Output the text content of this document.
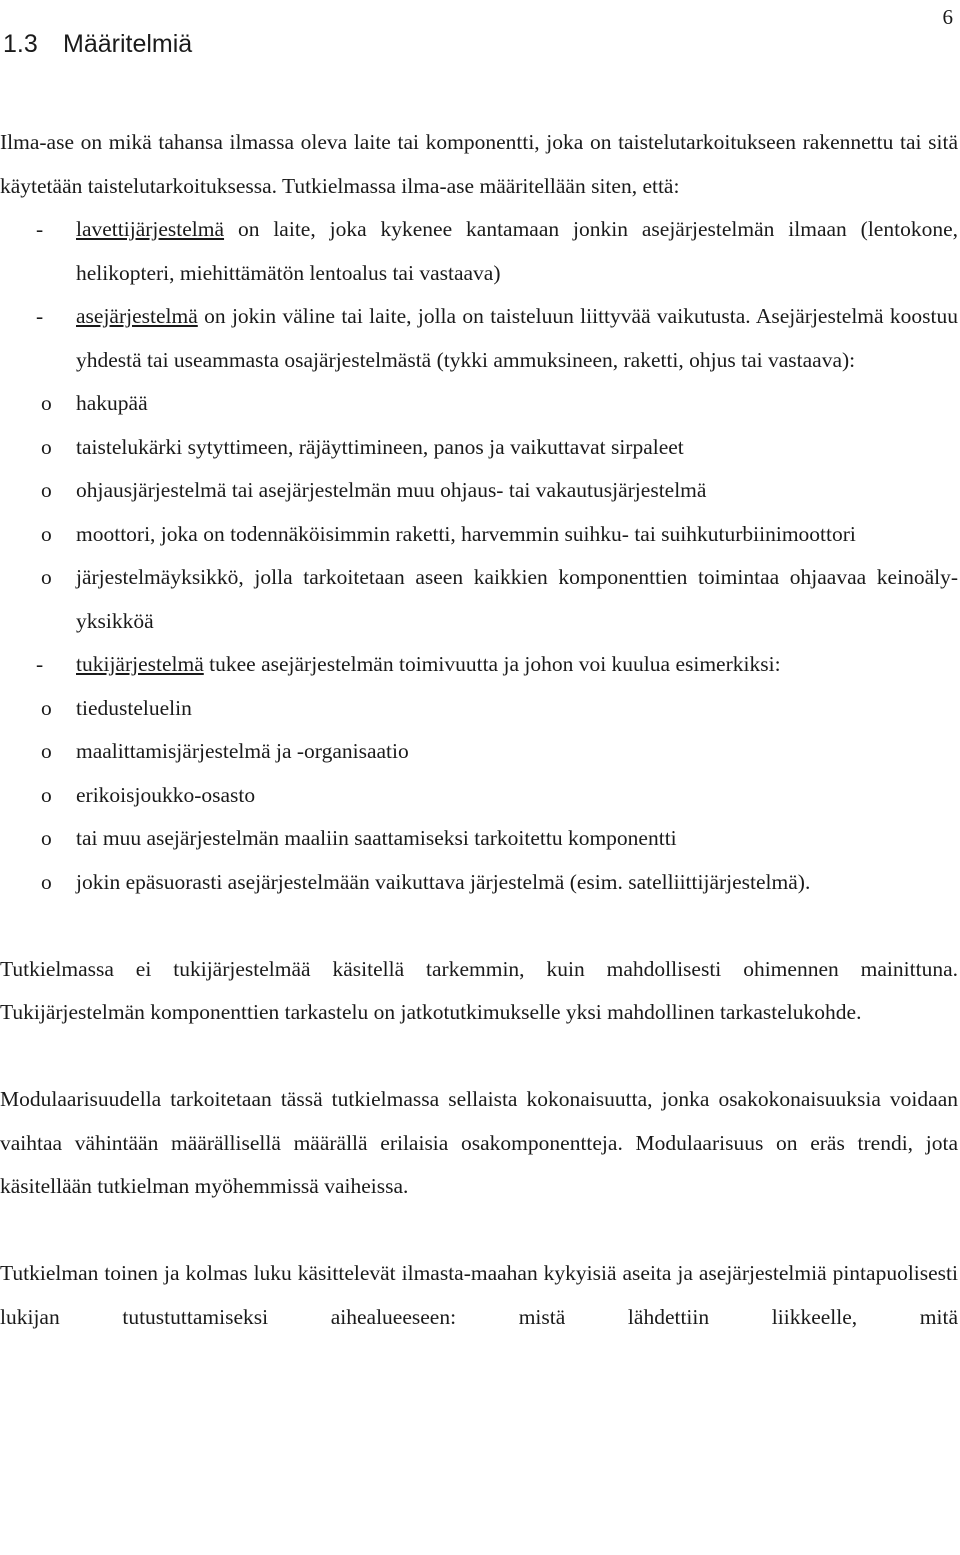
6
1.3 Määritelmiä

Ilma-ase on mikä tahansa ilmassa oleva laite tai komponentti, joka on taistelutarkoitukseen rakennettu tai sitä käytetään taistelutarkoituksessa. Tutkielmassa ilma-ase määritellään siten, että:

- lavettijärjestelmä on laite, joka kykenee kantamaan jonkin asejärjestelmän ilmaan (lentokone, helikopteri, miehittämätön lentoalus tai vastaava)
- asejärjestelmä on jokin väline tai laite, jolla on taisteluun liittyvää vaikutusta. Asejärjestelmä koostuu yhdestä tai useammasta osajärjestelmästä (tykki ammuksineen, raketti, ohjus tai vastaava):
o hakupää
o taistelukärki sytyttimeen, räjäyttimineen, panos ja vaikuttavat sirpaleet
o ohjausjärjestelmä tai asejärjestelmän muu ohjaus- tai vakautusjärjestelmä
o moottori, joka on todennäköisimmin raketti, harvemmin suihku- tai suihkuturbiinimoottori
o järjestelmäyksikkö, jolla tarkoitetaan aseen kaikkien komponenttien toimintaa ohjaavaa keinoäly-yksikköä
- tukijärjestelmä tukee asejärjestelmän toimivuutta ja johon voi kuulua esimerkiksi:
o tiedusteluelin
o maalittamisjärjestelmä ja -organisaatio
o erikoisjoukko-osasto
o tai muu asejärjestelmän maaliin saattamiseksi tarkoitettu komponentti
o jokin epäsuorasti asejärjestelmään vaikuttava järjestelmä (esim. satelliittijärjestelmä).

Tutkielmassa ei tukijärjestelmää käsitellä tarkemmin, kuin mahdollisesti ohimennen mainittuna. Tukijärjestelmän komponenttien tarkastelu on jatkotutkimukselle yksi mahdollinen tarkastelukohde.

Modulaarisuudella tarkoitetaan tässä tutkielmassa sellaista kokonaisuutta, jonka osakokonaisuuksia voidaan vaihtaa vähintään määrällisellä määrällä erilaisia osakomponentteja. Modulaarisuus on eräs trendi, jota käsitellään tutkielman myöhemmissä vaiheissa.

Tutkielman toinen ja kolmas luku käsittelevät ilmasta-maahan kykyisiä aseita ja asejärjestelmiä pintapuolisesti lukijan tutustuttamiseksi aihealueeseen: mistä lähdettiin liikkeelle, mitä
